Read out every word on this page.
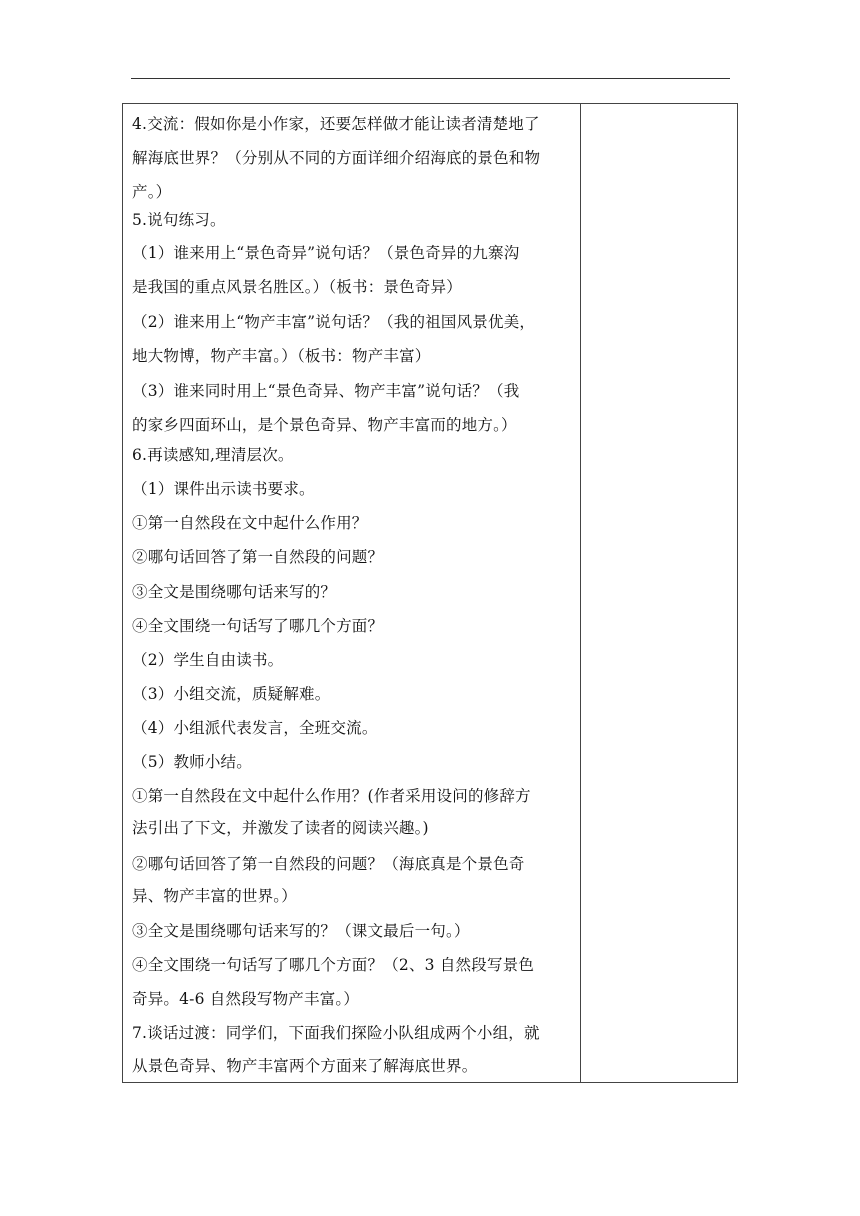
4.交流：假如你是小作家，还要怎样做才能让读者清楚地了
解海底世界？（分别从不同的方面详细介绍海底的景色和物
产。）
5.说句练习。
（1）谁来用上“景色奇异”说句话？（景色奇异的九寨沟
是我国的重点风景名胜区。）（板书：景色奇异）
（2）谁来用上“物产丰富”说句话？（我的祖国风景优美，
地大物博，物产丰富。）（板书：物产丰富）
（3）谁来同时用上“景色奇异、物产丰富”说句话？（我
的家乡四面环山，是个景色奇异、物产丰富而的地方。）
6.再读感知,理清层次。
（1）课件出示读书要求。
①第一自然段在文中起什么作用？
②哪句话回答了第一自然段的问题？
③全文是围绕哪句话来写的？
④全文围绕一句话写了哪几个方面？
（2）学生自由读书。
（3）小组交流，质疑解难。
（4）小组派代表发言，全班交流。
（5）教师小结。
①第一自然段在文中起什么作用？(作者采用设问的修辞方
法引出了下文，并激发了读者的阅读兴趣。)
②哪句话回答了第一自然段的问题？（海底真是个景色奇
异、物产丰富的世界。）
③全文是围绕哪句话来写的？（课文最后一句。）
④全文围绕一句话写了哪几个方面？（2、3 自然段写景色
奇异。4-6 自然段写物产丰富。）
7.谈话过渡：同学们，下面我们探险小队组成两个小组，就
从景色奇异、物产丰富两个方面来了解海底世界。
